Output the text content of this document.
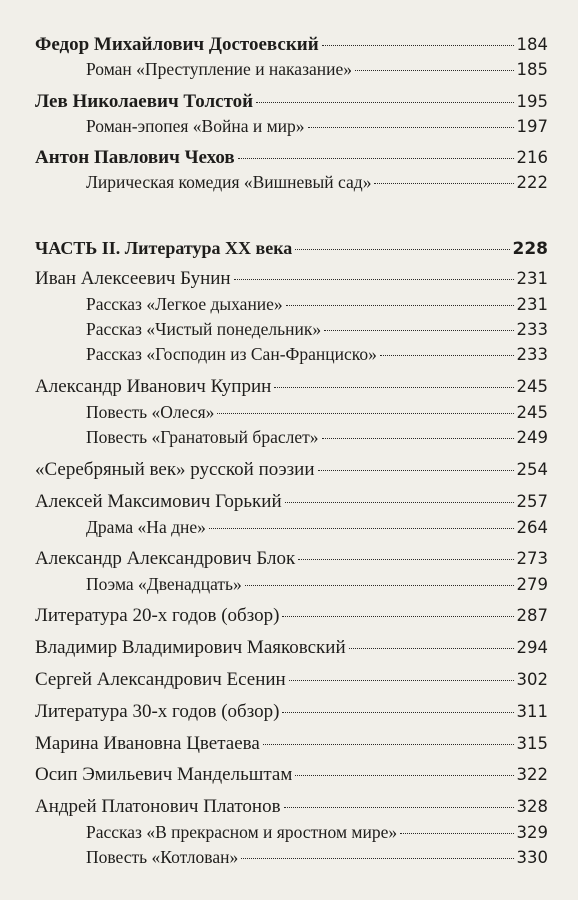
Федор Михайлович Достоевский	184
Роман «Преступление и наказание»	185
Лев Николаевич Толстой	195
Роман-эпопея «Война и мир»	197
Антон Павлович Чехов	216
Лирическая комедия «Вишневый сад»	222
ЧАСТЬ II. Литература XX века	228
Иван Алексеевич Бунин	231
Рассказ «Легкое дыхание»	231
Рассказ «Чистый понедельник»	233
Рассказ «Господин из Сан-Франциско»	233
Александр Иванович Куприн	245
Повесть «Олеся»	245
Повесть «Гранатовый браслет»	249
«Серебряный век» русской поэзии	254
Алексей Максимович Горький	257
Драма «На дне»	264
Александр Александрович Блок	273
Поэма «Двенадцать»	279
Литература 20-х годов (обзор)	287
Владимир Владимирович Маяковский	294
Сергей Александрович Есенин	302
Литература 30-х годов (обзор)	311
Марина Ивановна Цветаева	315
Осип Эмильевич Мандельштам	322
Андрей Платонович Платонов	328
Рассказ «В прекрасном и яростном мире»	329
Повесть «Котлован»	330
